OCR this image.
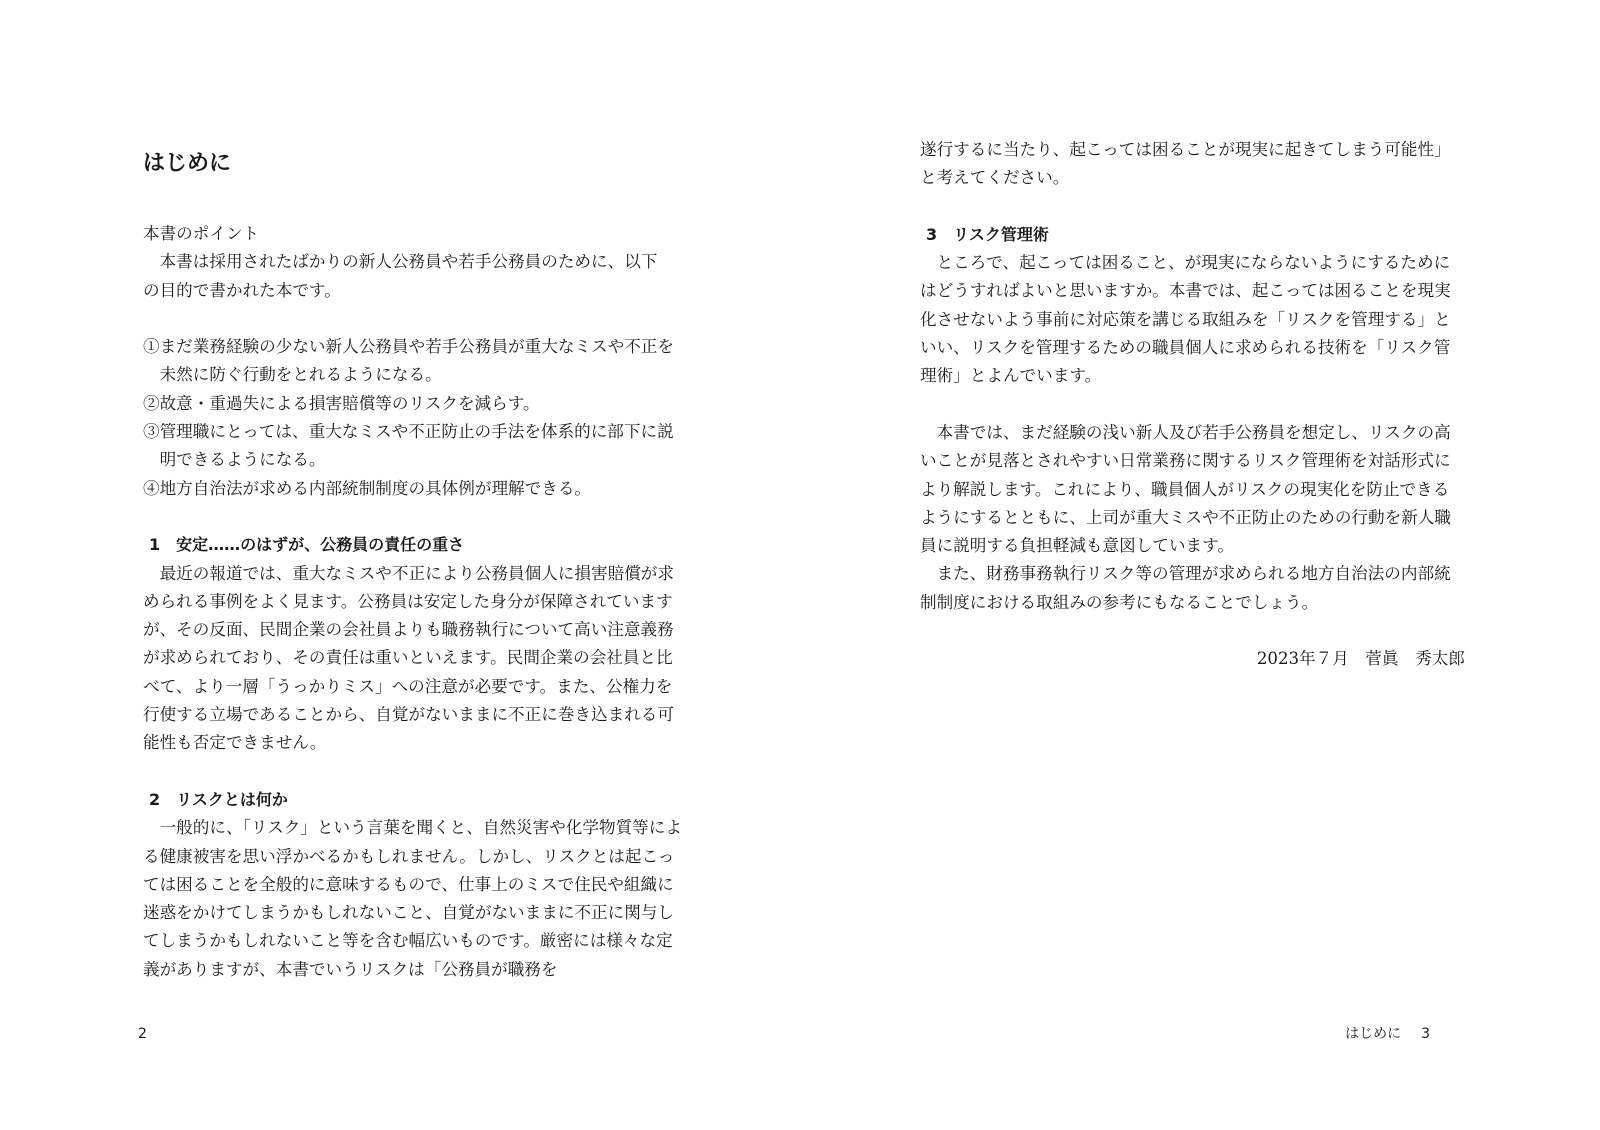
はじめに

本書のポイント

本書は採用されたばかりの新人公務員や若手公務員のために、以下

の目的で書かれた本です。

①まだ業務経験の少ない新人公務員や若手公務員が重大なミスや不正を未然に防ぐ行動をとれるようになる。
②故意・重過失による損害賠償等のリスクを減らす。
③管理職にとっては、重大なミスや不正防止の手法を体系的に部下に説明できるようになる。
④地方自治法が求める内部統制制度の具体例が理解できる。

1　安定……のはずが、公務員の責任の重さ

最近の報道では、重大なミスや不正により公務員個人に損害賠償が求められる事例をよく見ます。公務員は安定した身分が保障されていますが、その反面、民間企業の会社員よりも職務執行について高い注意義務が求められており、その責任は重いといえます。民間企業の会社員と比べて、より一層「うっかりミス」への注意が必要です。また、公権力を行使する立場であることから、自覚がないままに不正に巻き込まれる可能性も否定できません。

2　リスクとは何か

一般的に、「リスク」という言葉を聞くと、自然災害や化学物質等による健康被害を思い浮かべるかもしれません。しかし、リスクとは起こっては困ることを全般的に意味するもので、仕事上のミスで住民や組織に迷惑をかけてしまうかもしれないこと、自覚がないままに不正に関与してしまうかもしれないこと等を含む幅広いものです。厳密には様々な定義がありますが、本書でいうリスクは「公務員が職務を

2

遂行するに当たり、起こっては困ることが現実に起きてしまう可能性」と考えてください。

3　リスク管理術

ところで、起こっては困ること、が現実にならないようにするためにはどうすればよいと思いますか。本書では、起こっては困ることを現実化させないよう事前に対応策を講じる取組みを「リスクを管理する」といい、リスクを管理するための職員個人に求められる技術を「リスク管理術」とよんでいます。

本書では、まだ経験の浅い新人及び若手公務員を想定し、リスクの高いことが見落とされやすい日常業務に関するリスク管理術を対話形式により解説します。これにより、職員個人がリスクの現実化を防止できるようにするとともに、上司が重大ミスや不正防止のための行動を新人職員に説明する負担軽減も意図しています。

また、財務事務執行リスク等の管理が求められる地方自治法の内部統制制度における取組みの参考にもなることでしょう。

2023年７月　菅眞　秀太郎

はじめに 3
